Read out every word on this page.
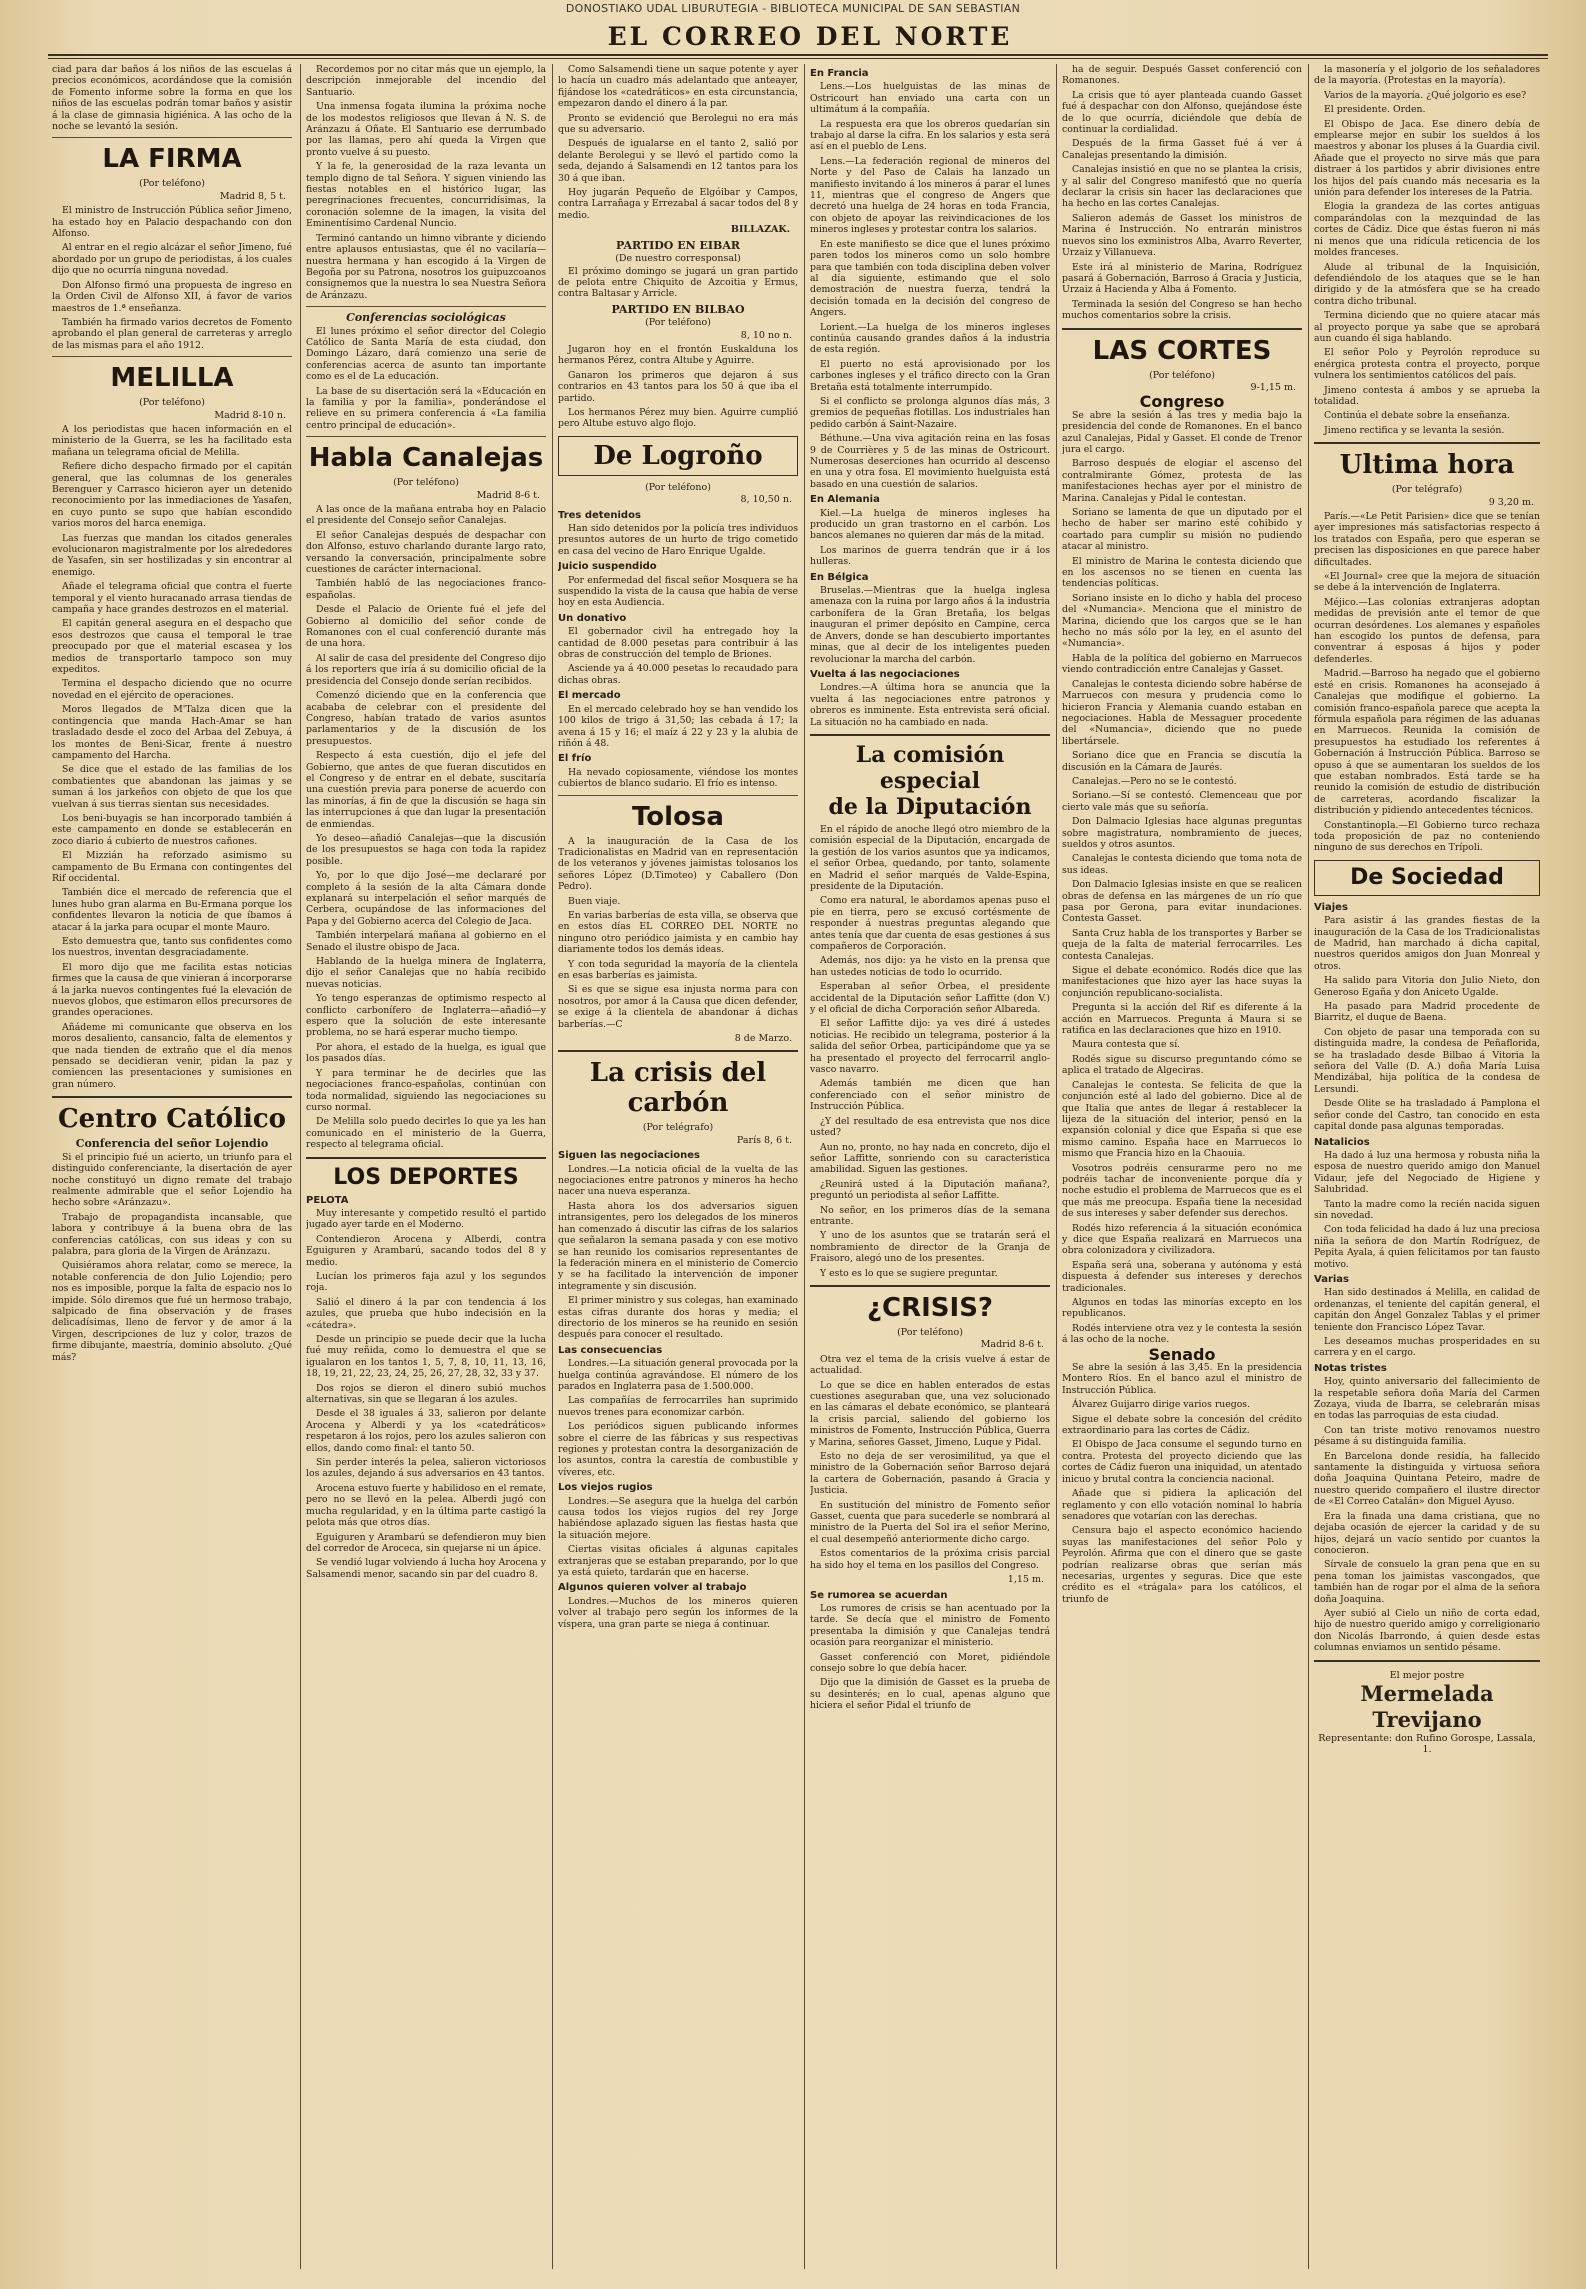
DONOSTIAKO UDAL LIBURUTEGIA - BIBLIOTECA MUNICIPAL DE SAN SEBASTIAN
EL CORREO DEL NORTE

ciad para dar baños á los niños de las escuelas á precios económicos, acordándose que la comisión de Fomento informe sobre la forma en que los niños de las escuelas podrán tomar baños y asistir á la clase de gimnasia higiénica. A las ocho de la noche se levantó la sesión.

LA FIRMA
(Por teléfono)
Madrid 8, 5 t.

El ministro de Instrucción Pública señor Jimeno, ha estado hoy en Palacio despachando con don Alfonso.

Al entrar en el regio alcázar el señor Jimeno, fué abordado por un grupo de periodistas, á los cuales dijo que no ocurría ninguna novedad.

Don Alfonso firmó una propuesta de ingreso en la Orden Civil de Alfonso XII, á favor de varios maestros de 1.ª enseñanza.

También ha firmado varios decretos de Fomento aprobando el plan general de carreteras y arreglo de las mismas para el año 1912.

MELILLA
(Por teléfono)
Madrid 8-10 n.

A los periodistas que hacen información en el ministerio de la Guerra, se les ha facilitado esta mañana un telegrama oficial de Melilla.

Refiere dicho despacho firmado por el capitán general, que las columnas de los generales Berenguer y Carrasco hicieron ayer un detenido reconocimiento por las inmediaciones de Yasafen, en cuyo punto se supo que habían escondido varios moros del harca enemiga.

Las fuerzas que mandan los citados generales evolucionaron magistralmente por los alrededores de Yasafen, sin ser hostilizadas y sin encontrar al enemigo.

Añade el telegrama oficial que contra el fuerte temporal y el viento huracanado arrasa tiendas de campaña y hace grandes destrozos en el material.

El capitán general asegura en el despacho que esos destrozos que causa el temporal le trae preocupado por que el material escasea y los medios de transportarlo tampoco son muy expeditos.

Termina el despacho diciendo que no ocurre novedad en el ejército de operaciones.

Moros llegados de M'Talza dicen que la contingencia que manda Hach-Amar se han trasladado desde el zoco del Arbaa del Zebuya, á los montes de Beni-Sicar, frente á nuestro campamento del Harcha.

Se dice que el estado de las familias de los combatientes que abandonan las jaimas y se suman á los jarkeños con objeto de que los que vuelvan á sus tierras sientan sus necesidades.

Los beni-buyagis se han incorporado también á este campamento en donde se establecerán en zoco diario á cubierto de nuestros cañones.

El Mizzián ha reforzado asimismo su campamento de Bu Ermana con contingentes del Rif occidental.

También dice el mercado de referencia que el lunes hubo gran alarma en Bu-Ermana porque los confidentes llevaron la noticia de que íbamos á atacar á la jarka para ocupar el monte Mauro.

Esto demuestra que, tanto sus confidentes como los nuestros, inventan desgraciadamente.

El moro dijo que me facilita estas noticias firmes que la causa de que vinieran á incorporarse á la jarka nuevos contingentes fué la elevación de nuevos globos, que estimaron ellos precursores de grandes operaciones.

Añádeme mi comunicante que observa en los moros desaliento, cansancio, falta de elementos y que nada tienden de extraño que el día menos pensado se decidieran venir, pidan la paz y comiencen las presentaciones y sumisiones en gran número.

Centro Católico
Conferencia del señor Lojendio

Si el principio fué un acierto, un triunfo para el distinguido conferenciante, la disertación de ayer noche constituyó un digno remate del trabajo realmente admirable que el señor Lojendio ha hecho sobre «Aránzazu».

Trabajo de propagandista incansable, que labora y contribuye á la buena obra de las conferencias católicas, con sus ideas y con su palabra, para gloria de la Virgen de Aránzazu.

Quisiéramos ahora relatar, como se merece, la notable conferencia de don Julio Lojendio; pero nos es imposible, porque la falta de espacio nos lo impide. Sólo diremos que fué un hermoso trabajo, salpicado de fina observación y de frases delicadísimas, lleno de fervor y de amor á la Virgen, descripciones de luz y color, trazos de firme dibujante, maestría, dominio absoluto. ¿Qué más?

Recordemos por no citar más que un ejemplo, la descripción inmejorable del incendio del Santuario.

Una inmensa fogata ilumina la próxima noche de los modestos religiosos que llevan á N. S. de Aránzazu á Oñate. El Santuario ese derrumbado por las llamas, pero ahí queda la Virgen que pronto vuelve á su puesto.

Y la fe, la generosidad de la raza levanta un templo digno de tal Señora. Y siguen viniendo las fiestas notables en el histórico lugar, las peregrinaciones frecuentes, concurridísimas, la coronación solemne de la imagen, la visita del Eminentísimo Cardenal Nuncio.

Terminó cantando un himno vibrante y diciendo entre aplausos entusiastas, que él no vacilaría—nuestra hermana y han escogido á la Virgen de Begoña por su Patrona, nosotros los guipuzcoanos consignemos que la nuestra lo sea Nuestra Señora de Aránzazu.

Conferencias sociológicas

El lunes próximo el señor director del Colegio Católico de Santa María de esta ciudad, don Domingo Lázaro, dará comienzo una serie de conferencias acerca de asunto tan importante como es el de La educación.

La base de su disertación será la «Educación en la familia y por la familia», ponderándose el relieve en su primera conferencia á «La familia centro principal de educación».

Habla Canalejas
(Por teléfono)
Madrid 8-6 t.

A las once de la mañana entraba hoy en Palacio el presidente del Consejo señor Canalejas.

El señor Canalejas después de despachar con don Alfonso, estuvo charlando durante largo rato, versando la conversación, principalmente sobre cuestiones de carácter internacional.

También habló de las negociaciones franco-españolas.

Desde el Palacio de Oriente fué el jefe del Gobierno al domicilio del señor conde de Romanones con el cual conferenció durante más de una hora.

Al salir de casa del presidente del Congreso dijo á los reporters que iría á su domicilio oficial de la presidencia del Consejo donde serían recibidos.

Comenzó diciendo que en la conferencia que acababa de celebrar con el presidente del Congreso, habían tratado de varios asuntos parlamentarios y de la discusión de los presupuestos.

Respecto á esta cuestión, dijo el jefe del Gobierno, que antes de que fueran discutidos en el Congreso y de entrar en el debate, suscitaría una cuestión previa para ponerse de acuerdo con las minorías, á fin de que la discusión se haga sin las interrupciones á que dan lugar la presentación de enmiendas.

Yo deseo—añadió Canalejas—que la discusión de los presupuestos se haga con toda la rapidez posible.

Yo, por lo que dijo José—me declararé por completo á la sesión de la alta Cámara donde explanará su interpelación el señor marqués de Cerbera, ocupándose de las informaciones del Papa y del Gobierno acerca del Colegio de Jaca.

También interpelará mañana al gobierno en el Senado el ilustre obispo de Jaca.

Hablando de la huelga minera de Inglaterra, dijo el señor Canalejas que no había recibido nuevas noticias.

Yo tengo esperanzas de optimismo respecto al conflicto carbonífero de Inglaterra—añadió—y espero que la solución de este interesante problema, no se hará esperar mucho tiempo.

Por ahora, el estado de la huelga, es igual que los pasados días.

Y para terminar he de decirles que las negociaciones franco-españolas, continúan con toda normalidad, siguiendo las negociaciones su curso normal.

De Melilla solo puedo decirles lo que ya les han comunicado en el ministerio de la Guerra, respecto al telegrama oficial.

LOS DEPORTES
PELOTA

Muy interesante y competido resultó el partido jugado ayer tarde en el Moderno.

Contendieron Arocena y Alberdi, contra Eguiguren y Arambarú, sacando todos del 8 y medio.

Lucían los primeros faja azul y los segundos roja.

Salió el dinero á la par con tendencia á los azules, que prueba que hubo indecisión en la «cátedra».

Desde un principio se puede decir que la lucha fué muy reñida, como lo demuestra el que se igualaron en los tantos 1, 5, 7, 8, 10, 11, 13, 16, 18, 19, 21, 22, 23, 24, 25, 26, 27, 28, 32, 33 y 37.

Dos rojos se dieron el dinero subió muchos alternativas, sin que se llegaran á los azules.

Desde el 38 iguales á 33, salieron por delante Arocena y Alberdi y ya los «catedráticos» respetaron á los rojos, pero los azules salieron con ellos, dando como final: el tanto 50.

Sin perder interés la pelea, salieron victoriosos los azules, dejando á sus adversarios en 43 tantos.

Arocena estuvo fuerte y habilidoso en el remate, pero no se llevó en la pelea. Alberdi jugó con mucha regularidad, y en la última parte castigó la pelota más que otros días.

Eguiguren y Arambarú se defendieron muy bien del corredor de Aroceca, sin quejarse ni un ápice.

Se vendió lugar volviendo á lucha hoy Arocena y Salsamendi menor, sacando sin par del cuadro 8.

Como Salsamendi tiene un saque potente y ayer lo hacía un cuadro más adelantado que anteayer, fijándose los «catedráticos» en esta circunstancia, empezaron dando el dinero á la par.

Pronto se evidenció que Berolegui no era más que su adversario.

Después de igualarse en el tanto 2, salió por delante Berolegui y se llevó el partido como la seda, dejando á Salsamendi en 12 tantos para los 30 á que iban.

Hoy jugarán Pequeño de Elgóibar y Campos, contra Larrañaga y Errezabal á sacar todos del 8 y medio.

BILLAZAK.
PARTIDO EN EIBAR
(De nuestro corresponsal)

El próximo domingo se jugará un gran partido de pelota entre Chiquito de Azcoitia y Ermus, contra Baltasar y Arricle.

PARTIDO EN BILBAO
(Por teléfono)
8, 10 no n.

Jugaron hoy en el frontón Euskalduna los hermanos Pérez, contra Altube y Aguirre.

Ganaron los primeros que dejaron á sus contrarios en 43 tantos para los 50 á que iba el partido.

Los hermanos Pérez muy bien. Aguirre cumplió pero Altube estuvo algo flojo.

De Logroño
(Por teléfono)
8, 10,50 n.
Tres detenidos

Han sido detenidos por la policía tres individuos presuntos autores de un hurto de trigo cometido en casa del vecino de Haro Enrique Ugalde.

Juicio suspendido

Por enfermedad del fiscal señor Mosquera se ha suspendido la vista de la causa que había de verse hoy en esta Audiencia.

Un donativo

El gobernador civil ha entregado hoy la cantidad de 8.000 pesetas para contribuir á las obras de construcción del templo de Briones.

Asciende ya á 40.000 pesetas lo recaudado para dichas obras.

El mercado

En el mercado celebrado hoy se han vendido los 100 kilos de trigo á 31,50; las cebada á 17; la avena á 15 y 16; el maíz á 22 y 23 y la alubia de riñón á 48.

El frío

Ha nevado copiosamente, viéndose los montes cubiertos de blanco sudario. El frío es intenso.

Tolosa

A la inauguración de la Casa de los Tradicionalistas en Madrid van en representación de los veteranos y jóvenes jaimistas tolosanos los señores López (D.Timoteo) y Caballero (Don Pedro).

Buen viaje.

En varias barberías de esta villa, se observa que en estos días EL CORREO DEL NORTE no ninguno otro periódico jaimista y en cambio hay diariamente todos los demás ideas.

Y con toda seguridad la mayoría de la clientela en esas barberías es jaimista.

Si es que se sigue esa injusta norma para con nosotros, por amor á la Causa que dicen defender, se exige á la clientela de abandonar á dichas barberías.—C

8 de Marzo.
La crisis del carbón
(Por telégrafo)
París 8, 6 t.
Siguen las negociaciones

Londres.—La noticia oficial de la vuelta de las negociaciones entre patronos y mineros ha hecho nacer una nueva esperanza.

Hasta ahora los dos adversarios siguen intransigentes, pero los delegados de los mineros han comenzado á discutir las cifras de los salarios que señalaron la semana pasada y con ese motivo se han reunido los comisarios representantes de la federación minera en el ministerio de Comercio y se ha facilitado la intervención de imponer integramente y sin discusión.

El primer ministro y sus colegas, han examinado estas cifras durante dos horas y media; el directorio de los mineros se ha reunido en sesión después para conocer el resultado.

Las consecuencias

Londres.—La situación general provocada por la huelga continúa agravándose. El número de los parados en Inglaterra pasa de 1.500.000.

Las compañías de ferrocarriles han suprimido nuevos trenes para economizar carbón.

Los periódicos siguen publicando informes sobre el cierre de las fábricas y sus respectivas regiones y protestan contra la desorganización de los asuntos, contra la carestía de combustible y víveres, etc.

Los viejos rugios

Londres.—Se asegura que la huelga del carbón causa todos los viejos rugios del rey Jorge habiéndose aplazado siguen las fiestas hasta que la situación mejore.

Ciertas visitas oficiales á algunas capitales extranjeras que se estaban preparando, por lo que ya está quieto, tardarán que en hacerse.

Algunos quieren volver al trabajo

Londres.—Muchos de los mineros quieren volver al trabajo pero según los informes de la víspera, una gran parte se niega á continuar.

En Francia

Lens.—Los huelguistas de las minas de Ostricourt han enviado una carta con un ultimátum á la compañía.

La respuesta era que los obreros quedarían sin trabajo al darse la cifra. En los salarios y esta será así en el pueblo de Lens.

Lens.—La federación regional de mineros del Norte y del Paso de Calais ha lanzado un manifiesto invitando á los mineros á parar el lunes 11, mientras que el congreso de Angers que decretó una huelga de 24 horas en toda Francia, con objeto de apoyar las reivindicaciones de los mineros ingleses y protestar contra los salarios.

En este manifiesto se dice que el lunes próximo paren todos los mineros como un solo hombre para que también con toda disciplina deben volver al día siguiente, estimando que el solo demostración de nuestra fuerza, tendrá la decisión tomada en la decisión del congreso de Angers.

Lorient.—La huelga de los mineros ingleses continúa causando grandes daños á la industria de esta región.

El puerto no está aprovisionado por los carbones ingleses y el tráfico directo con la Gran Bretaña está totalmente interrumpido.

Si el conflicto se prolonga algunos días más, 3 gremios de pequeñas flotillas. Los industriales han pedido carbón á Saint-Nazaire.

Béthune.—Una viva agitación reina en las fosas 9 de Courrières y 5 de las minas de Ostricourt. Numerosas deserciones han ocurrido al descenso en una y otra fosa. El movimiento huelguista está basado en una cuestión de salarios.

En Alemania

Kiel.—La huelga de mineros ingleses ha producido un gran trastorno en el carbón. Los bancos alemanes no quieren dar más de la mitad.

Los marinos de guerra tendrán que ir á los hulleras.

En Bélgica

Bruselas.—Mientras que la huelga inglesa amenaza con la ruina por largo años á la industria carbonífera de la Gran Bretaña, los belgas inauguran el primer depósito en Campine, cerca de Anvers, donde se han descubierto importantes minas, que al decir de los inteligentes pueden revolucionar la marcha del carbón.

Vuelta á las negociaciones

Londres.—A última hora se anuncia que la vuelta á las negociaciones entre patronos y obreros es inminente. Esta entrevista será oficial. La situación no ha cambiado en nada.

La comisión especial
de la Diputación

En el rápido de anoche llegó otro miembro de la comisión especial de la Diputación, encargada de la gestión de los varios asuntos que ya indicamos, el señor Orbea, quedando, por tanto, solamente en Madrid el señor marqués de Valde-Espina, presidente de la Diputación.

Como era natural, le abordamos apenas puso el pie en tierra, pero se excusó cortésmente de responder á nuestras preguntas alegando que antes tenía que dar cuenta de esas gestiones á sus compañeros de Corporación.

Además, nos dijo: ya he visto en la prensa que han ustedes noticias de todo lo ocurrido.

Esperaban al señor Orbea, el presidente accidental de la Diputación señor Laffitte (don V.) y el oficial de dicha Corporación señor Albareda.

El señor Laffitte dijo: ya ves diré á ustedes noticias. He recibido un telegrama, posterior á la salida del señor Orbea, participándome que ya se ha presentado el proyecto del ferrocarril anglo-vasco navarro.

Además también me dicen que han conferenciado con el señor ministro de Instrucción Pública.

¿Y del resultado de esa entrevista que nos dice usted?

Aun no, pronto, no hay nada en concreto, dijo el señor Laffitte, sonriendo con su característica amabilidad. Siguen las gestiones.

¿Reunirá usted á la Diputación mañana?, preguntó un periodista al señor Laffitte.

No señor, en los primeros días de la semana entrante.

Y uno de los asuntos que se tratarán será el nombramiento de director de la Granja de Fraisoro, alegó uno de los presentes.

Y esto es lo que se sugiere preguntar.

¿CRISIS?
(Por teléfono)
Madrid 8-6 t.

Otra vez el tema de la crisis vuelve á estar de actualidad.

Lo que se dice en hablen enterados de estas cuestiones aseguraban que, una vez solucionado en las cámaras el debate económico, se planteará la crisis parcial, saliendo del gobierno los ministros de Fomento, Instrucción Pública, Guerra y Marina, señores Gasset, Jimeno, Luque y Pidal.

Esto no deja de ser verosimilitud, ya que el ministro de la Gobernación señor Barroso dejará la cartera de Gobernación, pasando á Gracia y Justicia.

En sustitución del ministro de Fomento señor Gasset, cuenta que para sucederle se nombrará al ministro de la Puerta del Sol ira el señor Merino, el cual desempeñó anteriormente dicho cargo.

Estos comentarios de la próxima crisis parcial ha sido hoy el tema en los pasillos del Congreso.

1,15 m.
Se rumorea se acuerdan

Los rumores de crisis se han acentuado por la tarde. Se decía que el ministro de Fomento presentaba la dimisión y que Canalejas tendrá ocasión para reorganizar el ministerio.

Gasset conferenció con Moret, pidiéndole consejo sobre lo que debía hacer.

Dijo que la dimisión de Gasset es la prueba de su desinterés; en lo cual, apenas alguno que hiciera el señor Pidal el triunfo de

ha de seguir. Después Gasset conferenció con Romanones.

La crisis que tó ayer planteada cuando Gasset fué á despachar con don Alfonso, quejándose éste de lo que ocurría, diciéndole que debía de continuar la cordialidad.

Después de la firma Gasset fué á ver á Canalejas presentando la dimisión.

Canalejas insistió en que no se plantea la crisis, y al salir del Congreso manifestó que no quería declarar la crisis sin hacer las declaraciones que ha hecho en las cortes Canalejas.

Salieron además de Gasset los ministros de Marina é Instrucción. No entrarán ministros nuevos sino los exministros Alba, Avarro Reverter, Urzaiz y Villanueva.

Este irá al ministerio de Marina, Rodríguez pasará á Gobernación, Barroso á Gracia y Justicia, Urzaiz á Hacienda y Alba á Fomento.

Terminada la sesión del Congreso se han hecho muchos comentarios sobre la crisis.

LAS CORTES
(Por teléfono)
9-1,15 m.
Congreso

Se abre la sesión á las tres y media bajo la presidencia del conde de Romanones. En el banco azul Canalejas, Pidal y Gasset. El conde de Trenor jura el cargo.

Barroso después de elogiar el ascenso del contralmirante Gómez, protesta de las manifestaciones hechas ayer por el ministro de Marina. Canalejas y Pidal le contestan.

Soriano se lamenta de que un diputado por el hecho de haber ser marino esté cohibido y coartado para cumplir su misión no pudiendo atacar al ministro.

El ministro de Marina le contesta diciendo que en los ascensos no se tienen en cuenta las tendencias políticas.

Soriano insiste en lo dicho y habla del proceso del «Numancia». Menciona que el ministro de Marina, diciendo que los cargos que se le han hecho no más sólo por la ley, en el asunto del «Numancia».

Habla de la política del gobierno en Marruecos viendo contradicción entre Canalejas y Gasset.

Canalejas le contesta diciendo sobre habérse de Marruecos con mesura y prudencia como lo hicieron Francia y Alemania cuando estaban en negociaciones. Habla de Messaguer procedente del «Numancia», diciendo que no puede libertársele.

Soriano dice que en Francia se discutía la discusión en la Cámara de Jaurés.

Canalejas.—Pero no se le contestó.

Soriano.—Sí se contestó. Clemenceau que por cierto vale más que su señoría.

Don Dalmacio Iglesias hace algunas preguntas sobre magistratura, nombramiento de jueces, sueldos y otros asuntos.

Canalejas le contesta diciendo que toma nota de sus ideas.

Don Dalmacio Iglesias insiste en que se realicen obras de defensa en las márgenes de un río que pasa por Gerona, para evitar inundaciones. Contesta Gasset.

Santa Cruz habla de los transportes y Barber se queja de la falta de material ferrocarriles. Les contesta Canalejas.

Sigue el debate económico. Rodés dice que las manifestaciones que hizo ayer las hace suyas la conjunción republicano-socialista.

Pregunta si la acción del Rif es diferente á la acción en Marruecos. Pregunta á Maura si se ratifica en las declaraciones que hizo en 1910.

Maura contesta que sí.

Rodés sigue su discurso preguntando cómo se aplica el tratado de Algeciras.

Canalejas le contesta. Se felicita de que la conjunción esté al lado del gobierno. Dice al de que Italia que antes de llegar á restablecer la lijeza de la situación del interior, pensó en la expansión colonial y dice que España si que ese mismo camino. España hace en Marruecos lo mismo que Francia hizo en la Chaouia.

Vosotros podréis censurarme pero no me podréis tachar de inconveniente porque día y noche estudio el problema de Marruecos que es el que más me preocupa. España tiene la necesidad de sus intereses y saber defender sus derechos.

Rodés hizo referencia á la situación económica y dice que España realizará en Marruecos una obra colonizadora y civilizadora.

España será una, soberana y autónoma y está dispuesta á defender sus intereses y derechos tradicionales.

Algunos en todas las minorías excepto en los republicanos.

Rodés interviene otra vez y le contesta la sesión á las ocho de la noche.

Senado

Se abre la sesión á las 3,45. En la presidencia Montero Ríos. En el banco azul el ministro de Instrucción Pública.

Álvarez Guijarro dirige varios ruegos.

Sigue el debate sobre la concesión del crédito extraordinario para las cortes de Cádiz.

El Obispo de Jaca consume el segundo turno en contra. Protesta del proyecto diciendo que las cortes de Cádiz fueron una iniquidad, un atentado inicuo y brutal contra la conciencia nacional.

Añade que si pidiera la aplicación del reglamento y con ello votación nominal lo habría senadores que votarían con las derechas.

Censura bajo el aspecto económico haciendo suyas las manifestaciones del señor Polo y Peyrolón. Afirma que con el dinero que se gaste podrían realizarse obras que serían más necesarias, urgentes y seguras. Dice que este crédito es el «trágala» para los católicos, el triunfo de

la masonería y el jolgorio de los señaladores de la mayoría. (Protestas en la mayoría).

Varios de la mayoría. ¿Qué jolgorio es ese?

El presidente. Orden.

El Obispo de Jaca. Ese dinero debía de emplearse mejor en subir los sueldos á los maestros y abonar los pluses á la Guardia civil. Añade que el proyecto no sirve más que para distraer á los partidos y abrir divisiones entre los hijos del país cuando más necesaria es la unión para defender los intereses de la Patria.

Elogia la grandeza de las cortes antiguas comparándolas con la mezquindad de las cortes de Cádiz. Dice que éstas fueron ni más ni menos que una ridícula reticencia de los moldes franceses.

Alude al tribunal de la Inquisición, defendiéndolo de los ataques que se le han dirigido y de la atmósfera que se ha creado contra dicho tribunal.

Termina diciendo que no quiere atacar más al proyecto porque ya sabe que se aprobará aun cuando él siga hablando.

El señor Polo y Peyrolón reproduce su enérgica protesta contra el proyecto, porque vulnera los sentimientos católicos del país.

Jimeno contesta á ambos y se aprueba la totalidad.

Continúa el debate sobre la enseñanza.

Jimeno rectifica y se levanta la sesión.

Ultima hora
(Por telégrafo)
9 3,20 m.

París.—«Le Petit Parisien» dice que se tenían ayer impresiones más satisfactorias respecto á los tratados con España, pero que esperan se precisen las disposiciones en que parece haber dificultades.

«El Journal» cree que la mejora de situación se debe á la intervención de Inglaterra.

Méjico.—Las colonias extranjeras adoptan medidas de previsión ante el temor de que ocurran desórdenes. Los alemanes y españoles han escogido los puntos de defensa, para conventrar á esposas á hijos y poder defenderles.

Madrid.—Barroso ha negado que el gobierno esté en crisis. Romanones ha aconsejado á Canalejas que modifique el gobierno. La comisión franco-española parece que acepta la fórmula española para régimen de las aduanas en Marruecos. Reunida la comisión de presupuestos ha estudiado los referentes á Gobernación á Instrucción Pública. Barroso se opuso á que se aumentaran los sueldos de los que estaban nombrados. Está tarde se ha reunido la comisión de estudio de distribución de carreteras, acordando fiscalizar la distribución y pidiendo antecedentes técnicos.

Constantinopla.—El Gobierno turco rechaza toda proposición de paz no conteniendo ninguno de sus derechos en Trípoli.

De Sociedad
Viajes

Para asistir á las grandes fiestas de la inauguración de la Casa de los Tradicionalistas de Madrid, han marchado á dicha capital, nuestros queridos amigos don Juan Monreal y otros.

Ha salido para Vitoria don Julio Nieto, don Generoso Egaña y don Aniceto Ugalde.

Ha pasado para Madrid procedente de Biarritz, el duque de Baena.

Con objeto de pasar una temporada con su distinguida madre, la condesa de Peñaflorida, se ha trasladado desde Bilbao á Vitoria la señora del Valle (D. A.) doña María Luisa Mendizábal, hija política de la condesa de Lersundi.

Desde Olite se ha trasladado á Pamplona el señor conde del Castro, tan conocido en esta capital donde pasa algunas temporadas.

Natalicios

Ha dado á luz una hermosa y robusta niña la esposa de nuestro querido amigo don Manuel Vidaur, jefe del Negociado de Higiene y Salubridad.

Tanto la madre como la recién nacida siguen sin novedad.

Con toda felicidad ha dado á luz una preciosa niña la señora de don Martín Rodríguez, de Pepita Ayala, á quien felicitamos por tan fausto motivo.

Varias

Han sido destinados á Melilla, en calidad de ordenanzas, el teniente del capitán general, el capitán don Ángel Gonzalez Tablas y el primer teniente don Francisco López Tavar.

Les deseamos muchas prosperidades en su carrera y en el cargo.

Notas tristes

Hoy, quinto aniversario del fallecimiento de la respetable señora doña María del Carmen Zozaya, viuda de Ibarra, se celebrarán misas en todas las parroquias de esta ciudad.

Con tan triste motivo renovamos nuestro pésame á su distinguida familia.

En Barcelona donde residía, ha fallecido santamente la distinguida y virtuosa señora doña Joaquina Quintana Peteiro, madre de nuestro querido compañero el ilustre director de «El Correo Catalán» don Miguel Ayuso.

Era la finada una dama cristiana, que no dejaba ocasión de ejercer la caridad y de su hijos, dejará un vacío sentido por cuantos la conocieron.

Sírvale de consuelo la gran pena que en su pena toman los jaimistas vascongados, que también han de rogar por el alma de la señora doña Joaquina.

Ayer subió al Cielo un niño de corta edad, hijo de nuestro querido amigo y correligionario don Nicolás Ibarrondo, á quien desde estas columnas enviamos un sentido pésame.

El mejor postre
Mermelada Trevijano
Representante: don Rufino Gorospe, Lassala, 1.
